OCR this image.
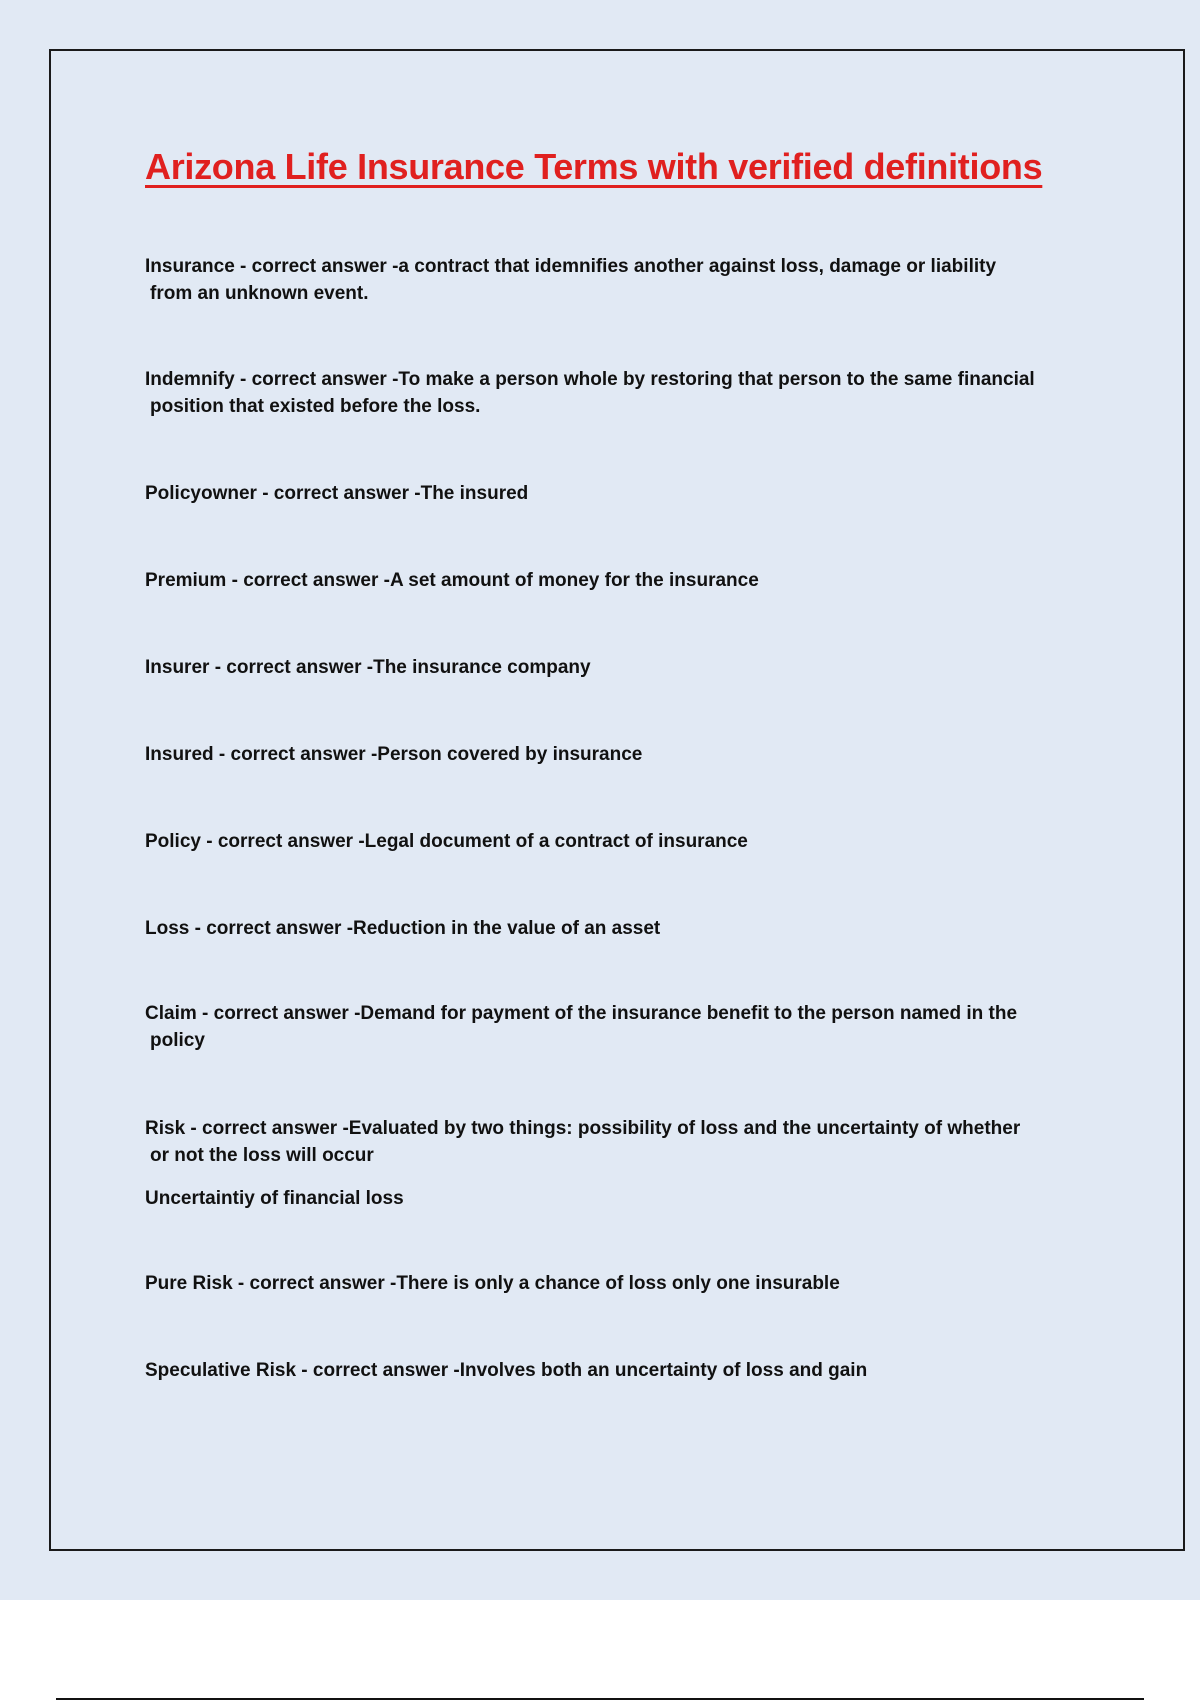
Arizona Life Insurance Terms with verified definitions

Insurance - correct answer -a contract that idemnifies another against loss, damage or liability
from an unknown event.

Indemnify - correct answer -To make a person whole by restoring that person to the same financial
position that existed before the loss.

Policyowner - correct answer -The insured

Premium - correct answer -A set amount of money for the insurance

Insurer - correct answer -The insurance company

Insured - correct answer -Person covered by insurance

Policy - correct answer -Legal document of a contract of insurance

Loss - correct answer -Reduction in the value of an asset

Claim - correct answer -Demand for payment of the insurance benefit to the person named in the
policy

Risk - correct answer -Evaluated by two things: possibility of loss and the uncertainty of whether
or not the loss will occur

Uncertaintiy of financial loss

Pure Risk - correct answer -There is only a chance of loss only one insurable

Speculative Risk - correct answer -Involves both an uncertainty of loss and gain
